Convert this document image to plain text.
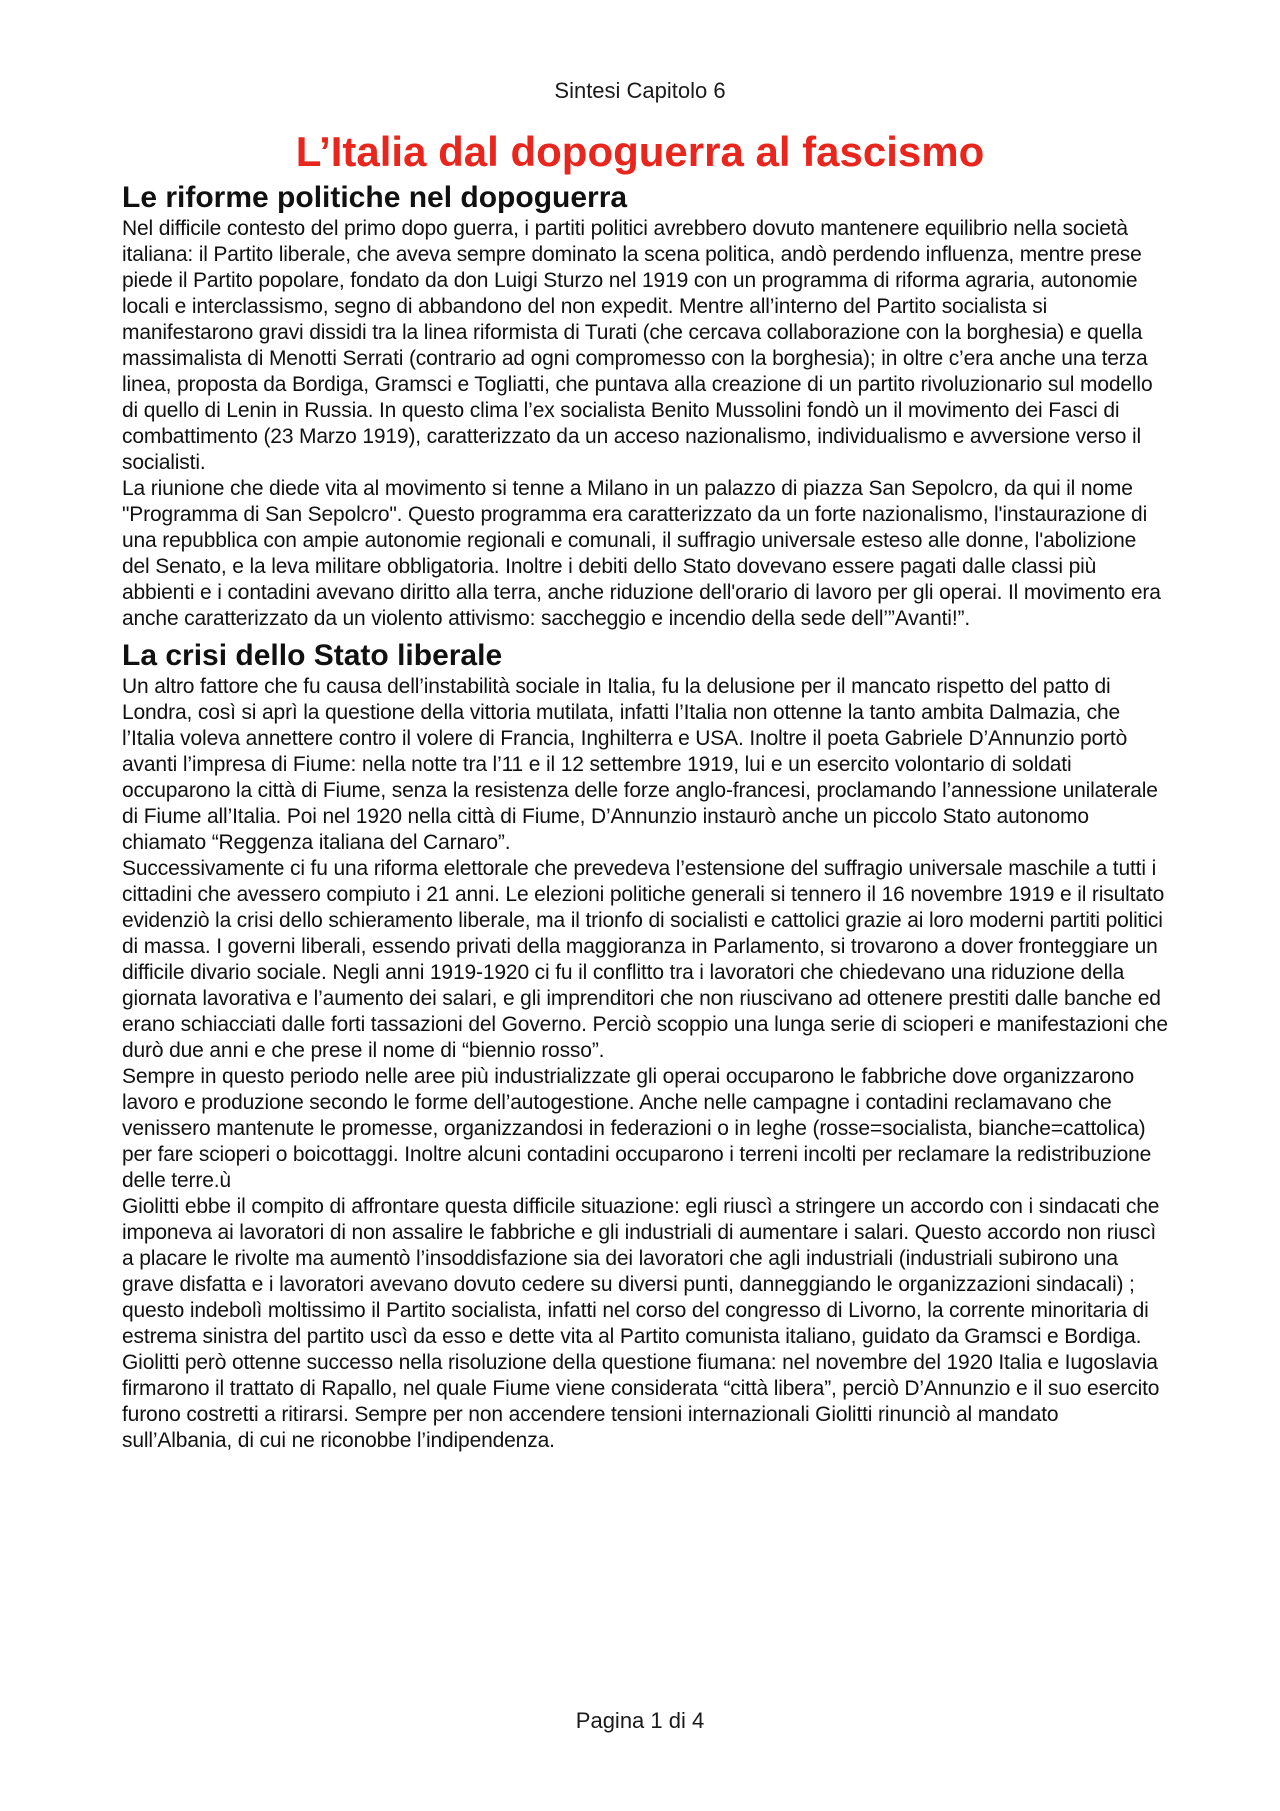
Sintesi Capitolo 6
L’Italia dal dopoguerra al fascismo
Le riforme politiche nel dopoguerra

Nel difficile contesto del primo dopo guerra, i partiti politici avrebbero dovuto mantenere equilibrio nella società italiana: il Partito liberale, che aveva sempre dominato la scena politica, andò perdendo influenza, mentre prese piede il Partito popolare, fondato da don Luigi Sturzo nel 1919 con un programma di riforma agraria, autonomie locali e interclassismo, segno di abbandono del non expedit. Mentre all’interno del Partito socialista si manifestarono gravi dissidi tra la linea riformista di Turati (che cercava collaborazione con la borghesia) e quella massimalista di Menotti Serrati (contrario ad ogni compromesso con la borghesia); in oltre c’era anche una terza linea, proposta da Bordiga, Gramsci e Togliatti, che puntava alla creazione di un partito rivoluzionario sul modello di quello di Lenin in Russia. In questo clima l’ex socialista Benito Mussolini fondò un il movimento dei Fasci di combattimento (23 Marzo 1919), caratterizzato da un acceso nazionalismo, individualismo e avversione verso il socialisti.
La riunione che diede vita al movimento si tenne a Milano in un palazzo di piazza San Sepolcro, da qui il nome "Programma di San Sepolcro". Questo programma era caratterizzato da un forte nazionalismo, l'instaurazione di una repubblica con ampie autonomie regionali e comunali, il suffragio universale esteso alle donne, l'abolizione del Senato, e la leva militare obbligatoria. Inoltre i debiti dello Stato dovevano essere pagati dalle classi più abbienti e i contadini avevano diritto alla terra, anche riduzione dell'orario di lavoro per gli operai. Il movimento era anche caratterizzato da un violento attivismo: saccheggio e incendio della sede dell’”Avanti!”.

La crisi dello Stato liberale

Un altro fattore che fu causa dell’instabilità sociale in Italia, fu la delusione per il mancato rispetto del patto di Londra, così si aprì la questione della vittoria mutilata, infatti l’Italia non ottenne la tanto ambita Dalmazia, che l’Italia voleva annettere contro il volere di Francia, Inghilterra e USA. Inoltre il poeta Gabriele D’Annunzio portò avanti l’impresa di Fiume: nella notte tra l’11 e il 12 settembre 1919, lui e un esercito volontario di soldati occuparono la città di Fiume, senza la resistenza delle forze anglo-francesi, proclamando l’annessione unilaterale di Fiume all’Italia. Poi nel 1920 nella città di Fiume, D’Annunzio instaurò anche un piccolo Stato autonomo chiamato “Reggenza italiana del Carnaro”.
Successivamente ci fu una riforma elettorale che prevedeva l’estensione del suffragio universale maschile a tutti i cittadini che avessero compiuto i 21 anni. Le elezioni politiche generali si tennero il 16 novembre 1919 e il risultato evidenziò la crisi dello schieramento liberale, ma il trionfo di socialisti e cattolici grazie ai loro moderni partiti politici di massa. I governi liberali, essendo privati della maggioranza in Parlamento, si trovarono a dover fronteggiare un difficile divario sociale. Negli anni 1919-1920 ci fu il conflitto tra i lavoratori che chiedevano una riduzione della giornata lavorativa e l’aumento dei salari, e gli imprenditori che non riuscivano ad ottenere prestiti dalle banche ed erano schiacciati dalle forti tassazioni del Governo. Perciò scoppio una lunga serie di scioperi e manifestazioni che durò due anni e che prese il nome di “biennio rosso”.
Sempre in questo periodo nelle aree più industrializzate gli operai occuparono le fabbriche dove organizzarono lavoro e produzione secondo le forme dell’autogestione. Anche nelle campagne i contadini reclamavano che venissero mantenute le promesse, organizzandosi in federazioni o in leghe (rosse=socialista, bianche=cattolica) per fare scioperi o boicottaggi. Inoltre alcuni contadini occuparono i terreni incolti per reclamare la redistribuzione delle terre.ù
Giolitti ebbe il compito di affrontare questa difficile situazione: egli riuscì a stringere un accordo con i sindacati che imponeva ai lavoratori di non assalire le fabbriche e gli industriali di aumentare i salari. Questo accordo non riuscì a placare le rivolte ma aumentò l’insoddisfazione sia dei lavoratori che agli industriali (industriali subirono una grave disfatta e i lavoratori avevano dovuto cedere su diversi punti, danneggiando le organizzazioni sindacali) ; questo indebolì moltissimo il Partito socialista, infatti nel corso del congresso di Livorno, la corrente minoritaria di estrema sinistra del partito uscì da esso e dette vita al Partito comunista italiano, guidato da Gramsci e Bordiga.
Giolitti però ottenne successo nella risoluzione della questione fiumana: nel novembre del 1920 Italia e Iugoslavia firmarono il trattato di Rapallo, nel quale Fiume viene considerata “città libera”, perciò D’Annunzio e il suo esercito furono costretti a ritirarsi. Sempre per non accendere tensioni internazionali Giolitti rinunciò al mandato sull’Albania, di cui ne riconobbe l’indipendenza.

Pagina 1 di 4
